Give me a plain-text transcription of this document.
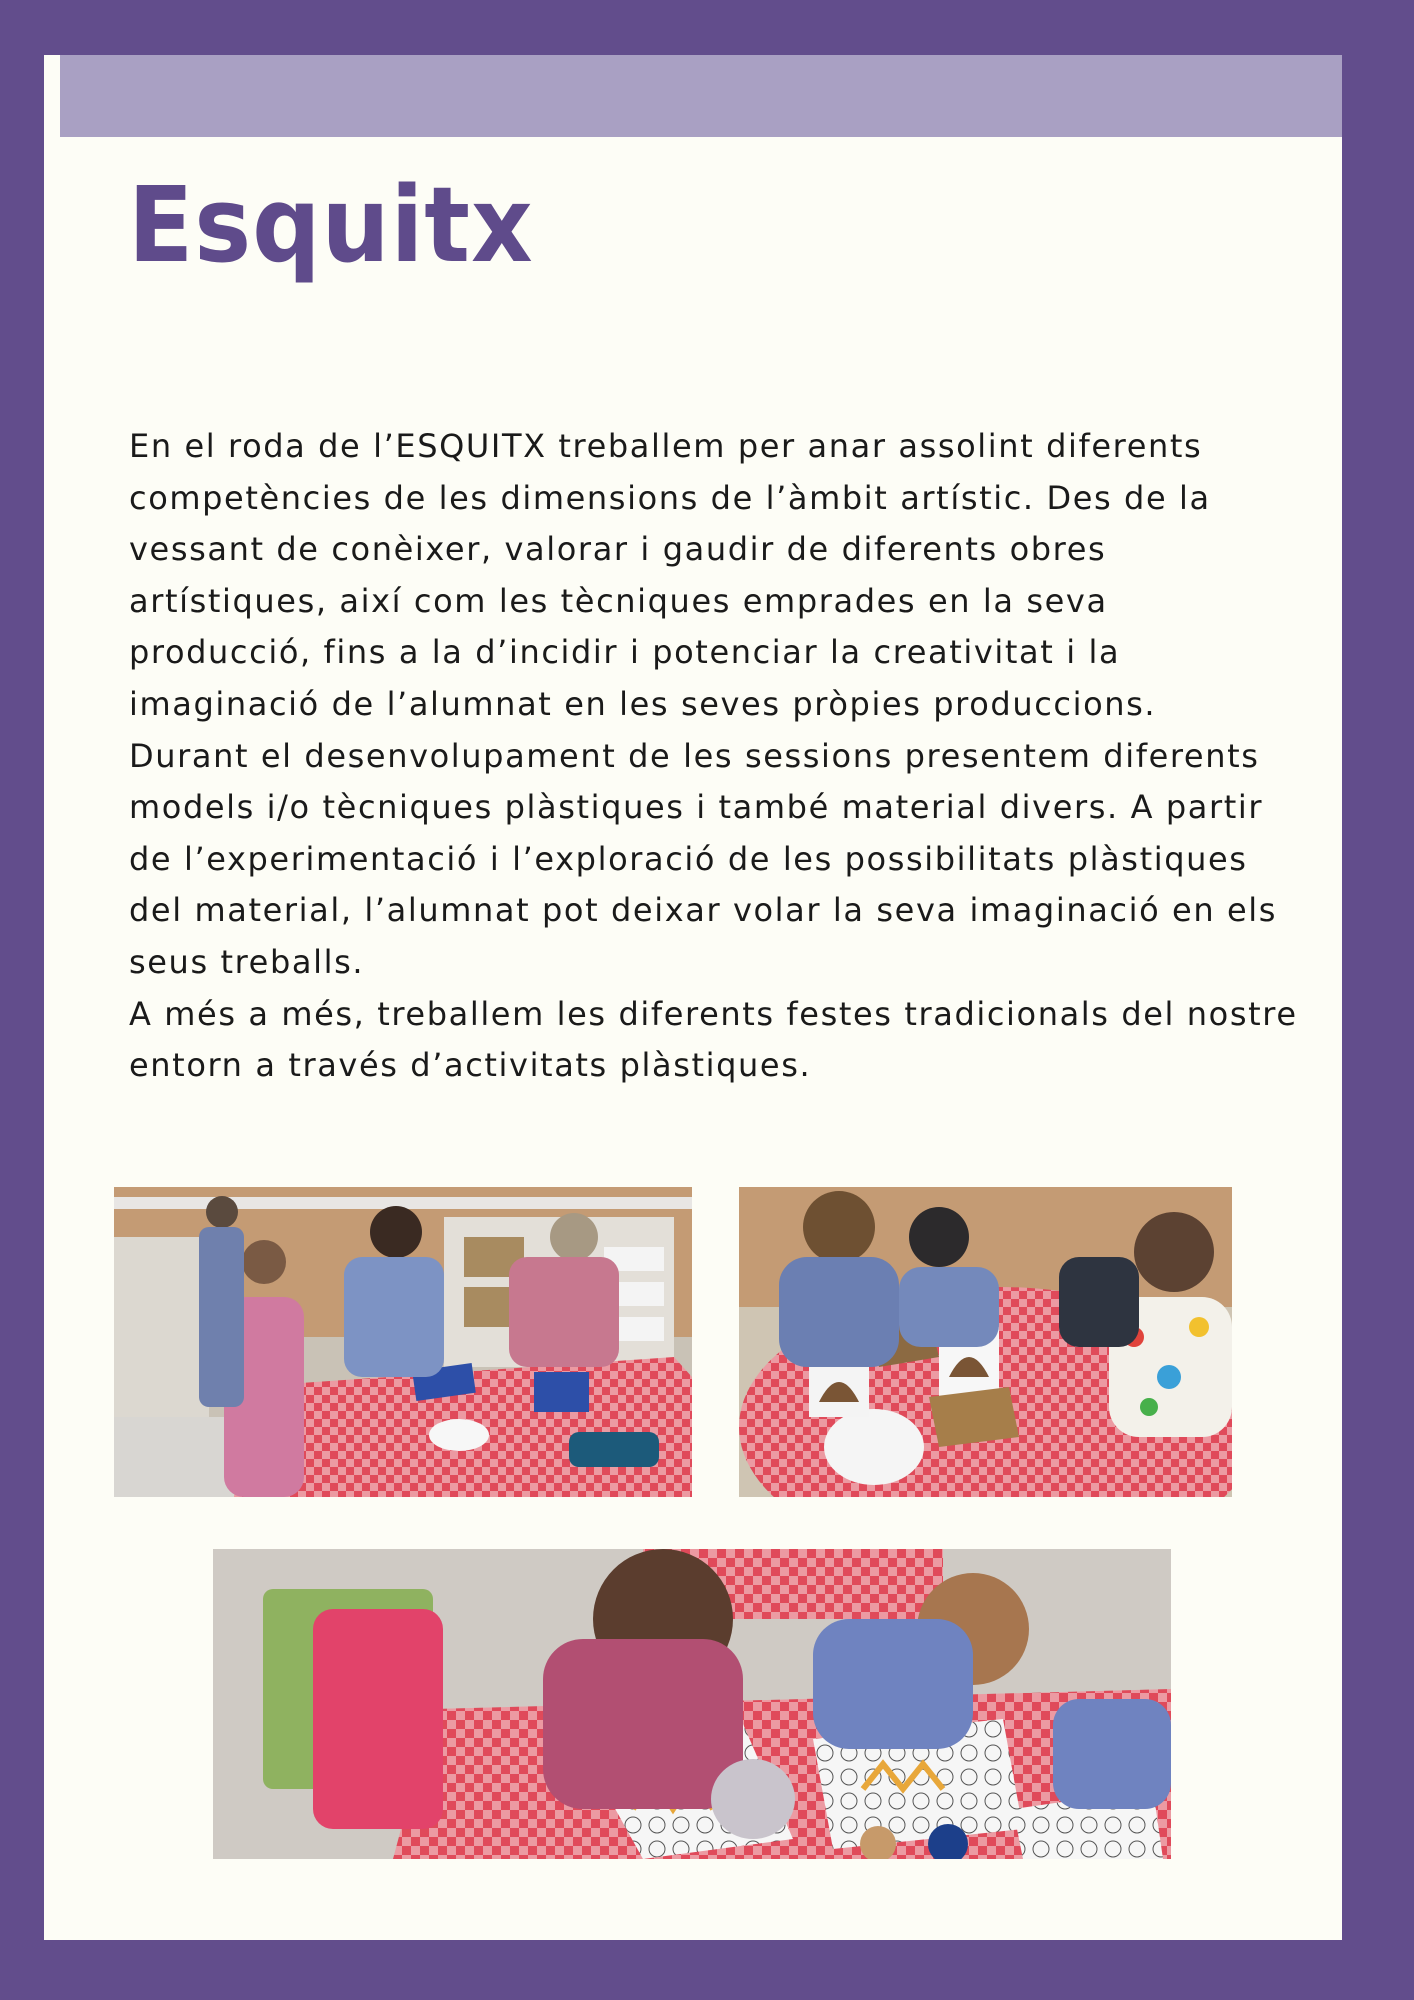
Esquitx

En el roda de l’ESQUITX treballem per anar assolint diferents competències de les dimensions de l’àmbit artístic. Des de la vessant de conèixer, valorar i gaudir de diferents obres artístiques, així com les tècniques emprades en la seva producció, fins a la d’incidir i potenciar la creativitat i la imaginació de l’alumnat en les seves pròpies produccions.

Durant el desenvolupament de les sessions presentem diferents models i/o tècniques plàstiques i també material divers. A partir de l’experimentació i l’exploració de les possibilitats plàstiques del material, l’alumnat pot deixar volar la seva imaginació en els seus treballs.

A més a més, treballem les diferents festes tradicionals del nostre entorn a través d’activitats plàstiques.
